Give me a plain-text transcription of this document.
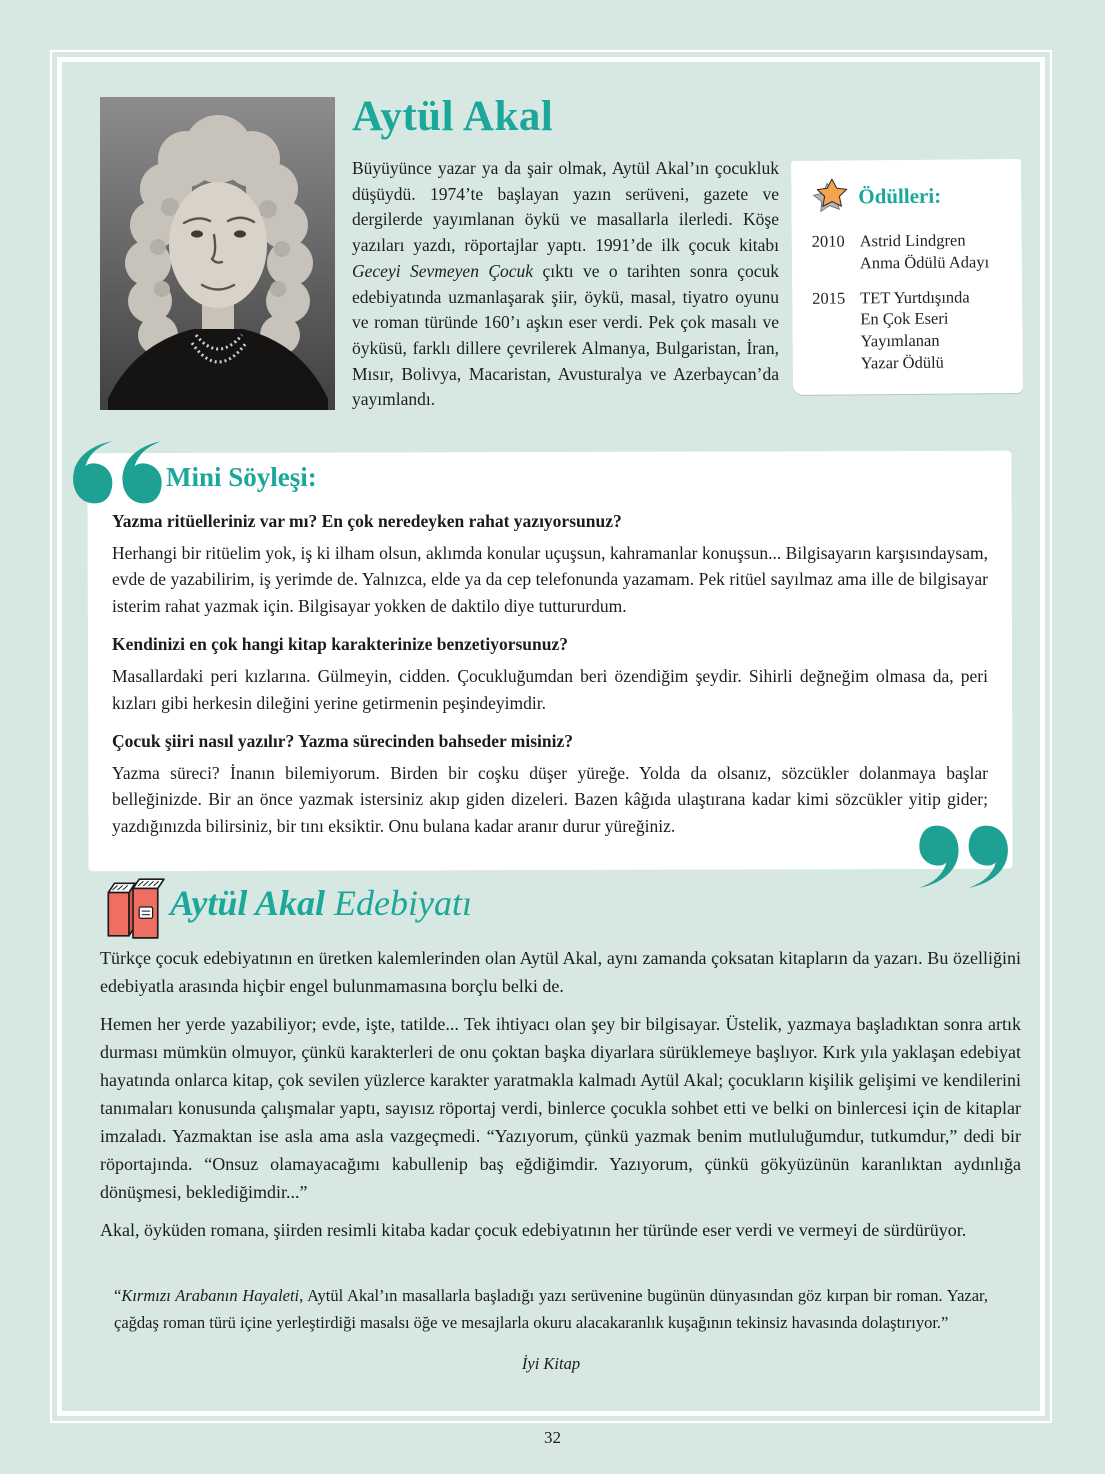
Aytül Akal

Büyüyünce yazar ya da şair olmak, Aytül Akal’ın çocukluk düşüydü. 1974’te başlayan yazın serüveni, gazete ve dergilerde yayımlanan öykü ve masallarla ilerledi. Köşe yazıları yazdı, röportajlar yaptı. 1991’de ilk çocuk kitabı Geceyi Sevmeyen Çocuk çıktı ve o tarihten sonra çocuk edebiyatında uzmanlaşarak şiir, öykü, masal, tiyatro oyunu ve roman türünde 160’ı aşkın eser verdi. Pek çok masalı ve öyküsü, farklı dillere çevrilerek Almanya, Bulgaristan, İran, Mısır, Bolivya, Macaristan, Avusturalya ve Azerbaycan’da yayımlandı.

Ödülleri:
2010 Astrid Lindgren
Anma Ödülü Adayı
2015 TET Yurtdışında
En Çok Eseri
Yayımlanan
Yazar Ödülü
Mini Söyleşi:

Yazma ritüelleriniz var mı? En çok neredeyken rahat yazıyorsunuz?

Herhangi bir ritüelim yok, iş ki ilham olsun, aklımda konular uçuşsun, kahramanlar konuşsun... Bilgisayarın karşısındaysam, evde de yazabilirim, iş yerimde de. Yalnızca, elde ya da cep telefonunda yazamam. Pek ritüel sayılmaz ama ille de bilgisayar isterim rahat yazmak için. Bilgisayar yokken de daktilo diye tuttururdum.

Kendinizi en çok hangi kitap karakterinize benzetiyorsunuz?

Masallardaki peri kızlarına. Gülmeyin, cidden. Çocukluğumdan beri özendiğim şeydir. Sihirli değneğim olmasa da, peri kızları gibi herkesin dileğini yerine getirmenin peşindeyimdir.

Çocuk şiiri nasıl yazılır? Yazma sürecinden bahseder misiniz?

Yazma süreci? İnanın bilemiyorum. Birden bir coşku düşer yüreğe. Yolda da olsanız, sözcükler dolanmaya başlar belleğinizde. Bir an önce yazmak istersiniz akıp giden dizeleri. Bazen kâğıda ulaştırana kadar kimi sözcükler yitip gider; yazdığınızda bilirsiniz, bir tını eksiktir. Onu bulana kadar aranır durur yüreğiniz.

Aytül Akal Edebiyatı

Türkçe çocuk edebiyatının en üretken kalemlerinden olan Aytül Akal, aynı zamanda çoksatan kitapların da yazarı. Bu özelliğini edebiyatla arasında hiçbir engel bulunmamasına borçlu belki de.

Hemen her yerde yazabiliyor; evde, işte, tatilde... Tek ihtiyacı olan şey bir bilgisayar. Üstelik, yazmaya başladıktan sonra artık durması mümkün olmuyor, çünkü karakterleri de onu çoktan başka diyarlara sürüklemeye başlıyor. Kırk yıla yaklaşan edebiyat hayatında onlarca kitap, çok sevilen yüzlerce karakter yaratmakla kalmadı Aytül Akal; çocukların kişilik gelişimi ve kendilerini tanımaları konusunda çalışmalar yaptı, sayısız röportaj verdi, binlerce çocukla sohbet etti ve belki on binlercesi için de kitaplar imzaladı. Yazmaktan ise asla ama asla vazgeçmedi. “Yazıyorum, çünkü yazmak benim mutluluğumdur, tutkumdur,” dedi bir röportajında. “Onsuz olamayacağımı kabullenip baş eğdiğimdir. Yazıyorum, çünkü gökyüzünün karanlıktan aydınlığa dönüşmesi, beklediğimdir...”

Akal, öyküden romana, şiirden resimli kitaba kadar çocuk edebiyatının her türünde eser verdi ve vermeyi de sürdürüyor.

“Kırmızı Arabanın Hayaleti, Aytül Akal’ın masallarla başladığı yazı serüvenine bugünün dünyasından göz kırpan bir roman. Yazar, çağdaş roman türü içine yerleştirdiği masalsı öğe ve mesajlarla okuru alacakaranlık kuşağının tekinsiz havasında dolaştırıyor.”

İyi Kitap

32
